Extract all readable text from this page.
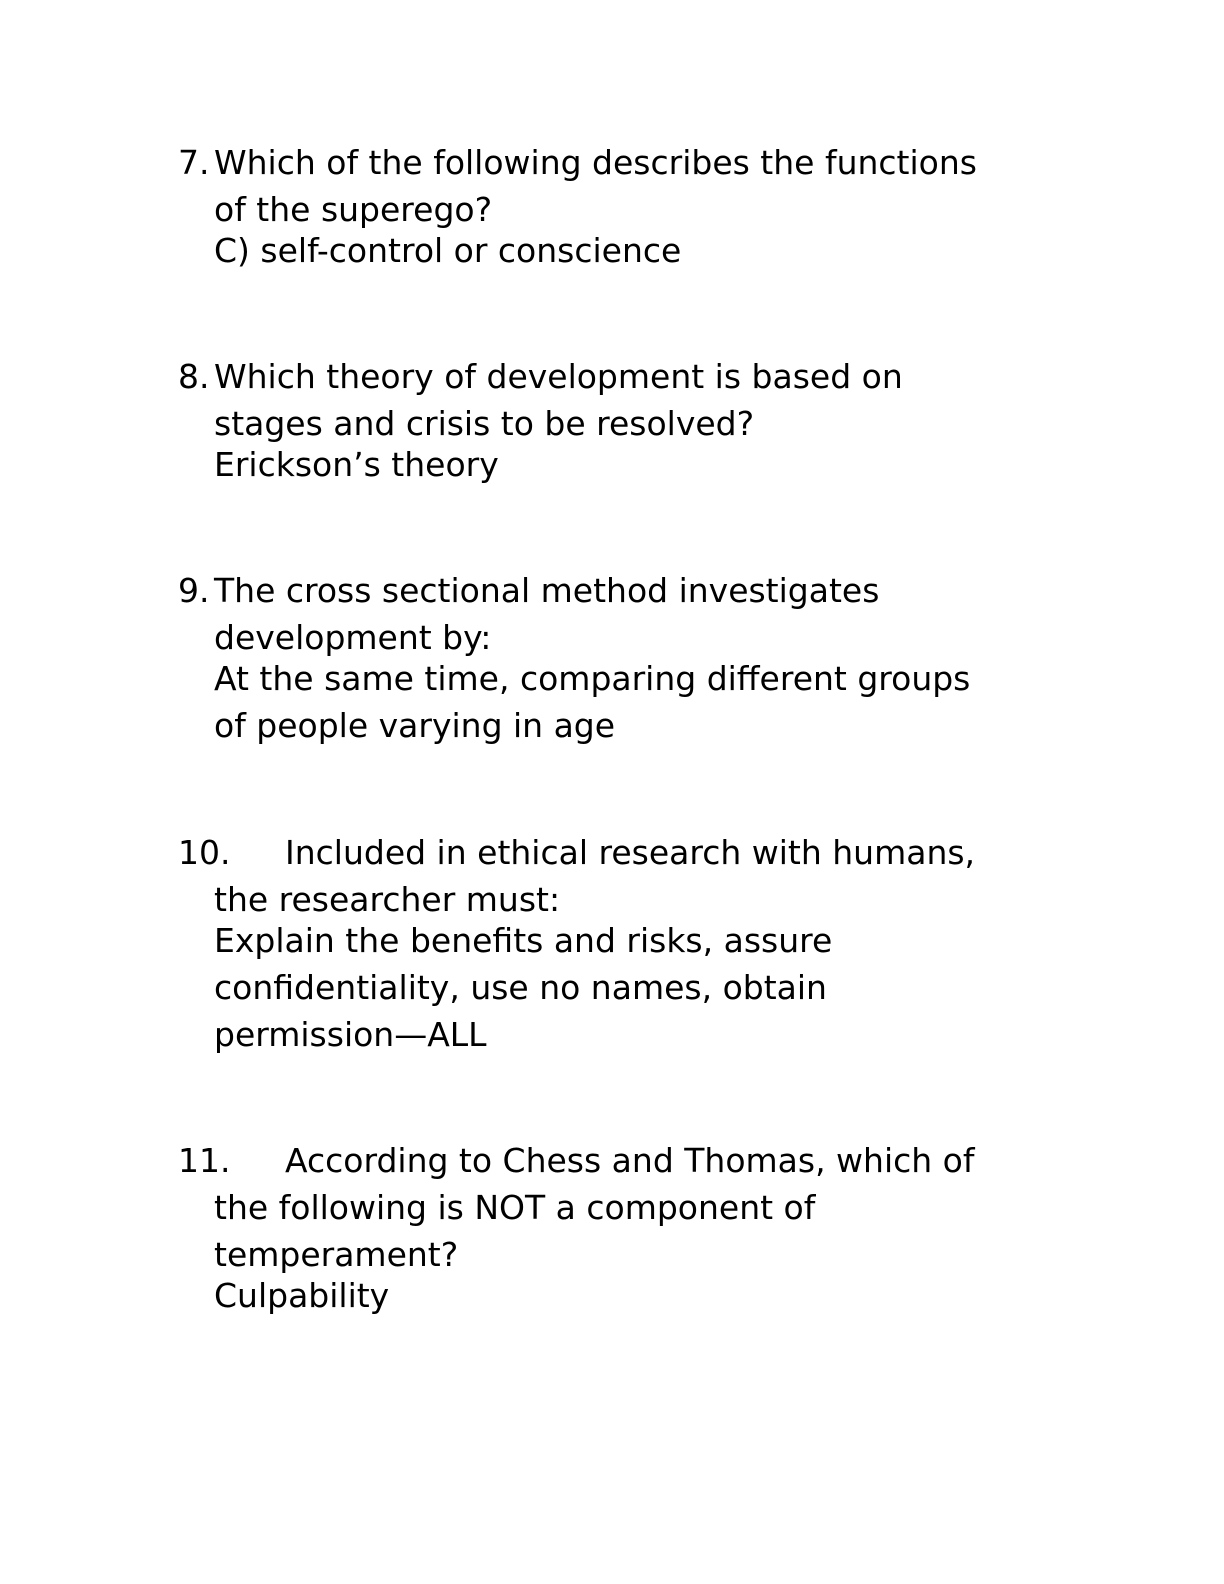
7. Which of the following describes the functions
of the superego?
C) self-control or conscience
8. Which theory of development is based on
stages and crisis to be resolved?
Erickson’s theory
9. The cross sectional method investigates
development by:
At the same time, comparing different groups
of people varying in age
10.	Included in ethical research with humans,
the researcher must:
Explain the benefits and risks, assure
confidentiality, use no names, obtain
permission—ALL
11.	According to Chess and Thomas, which of
the following is NOT a component of
temperament?
Culpability
